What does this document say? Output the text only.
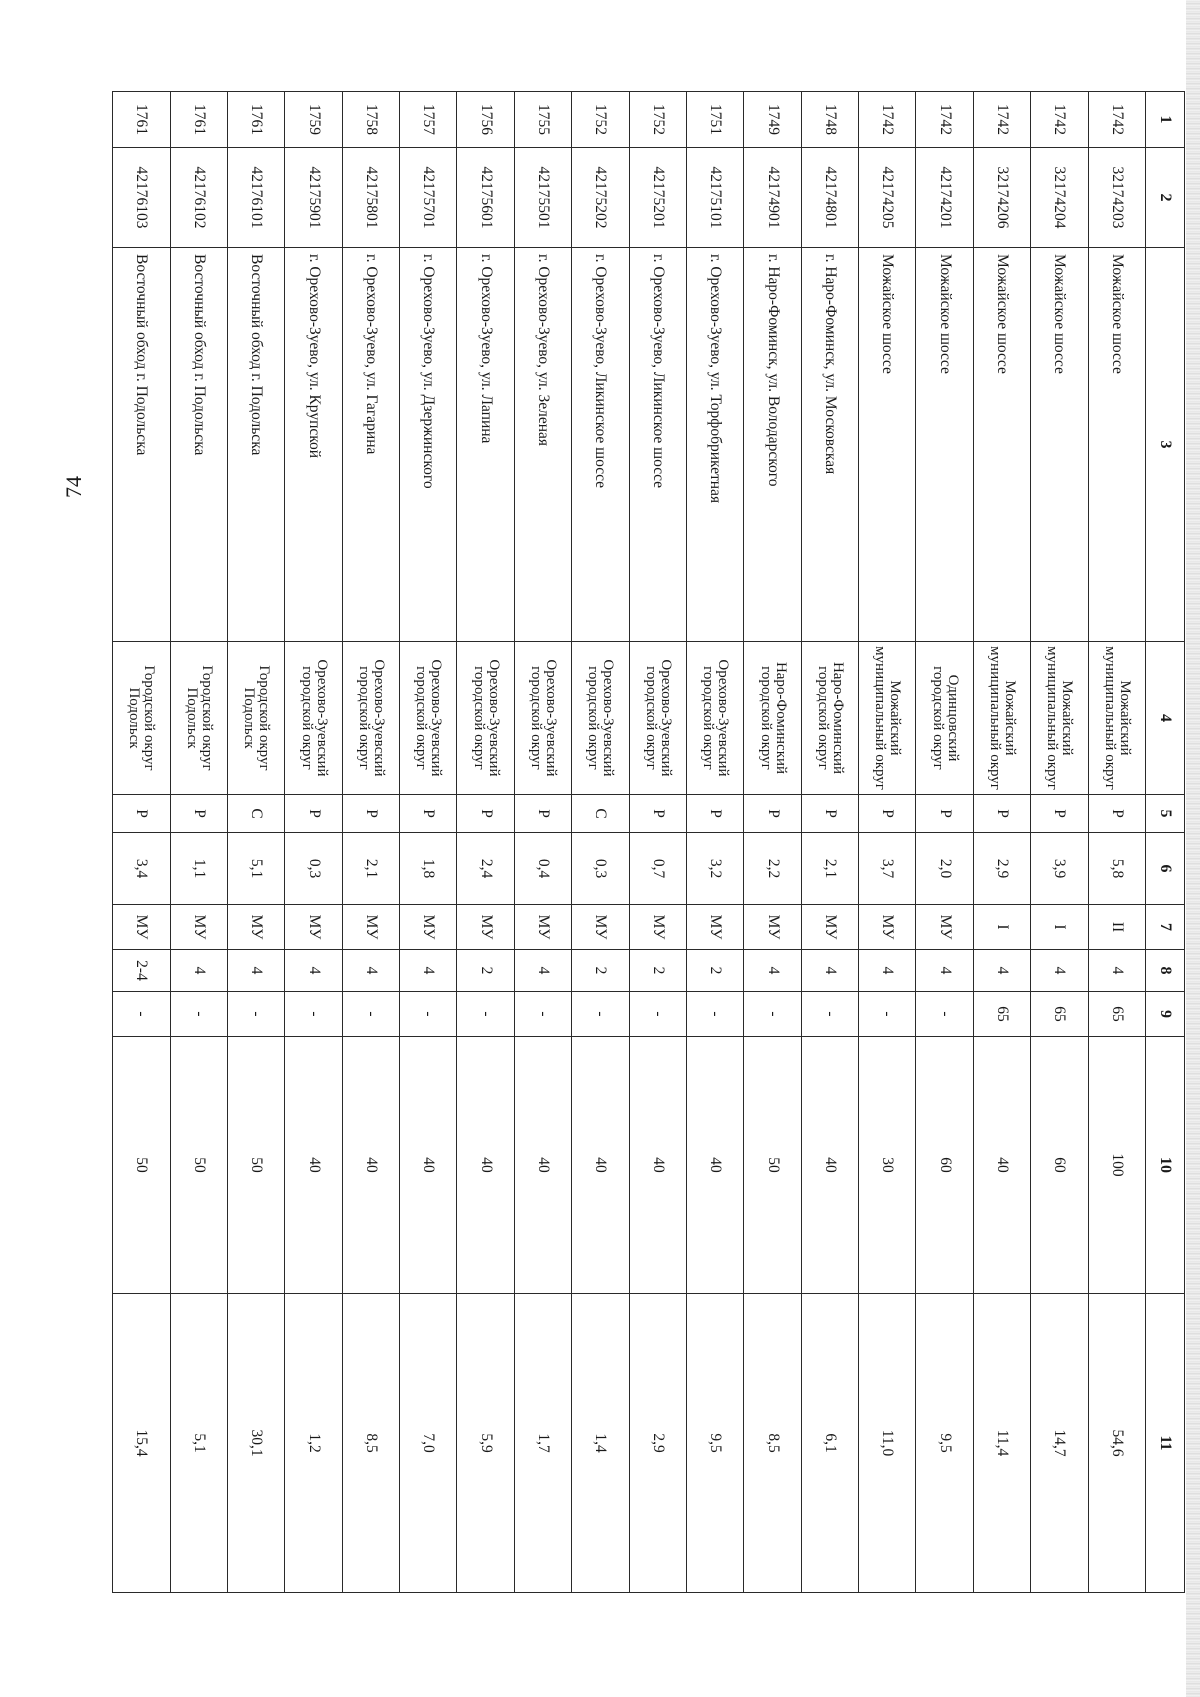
74
1	2	3	4	5	6	7	8	9	10	11
1742	32174203	Можайское шоссе	Можайский муниципальный округ	Р	5,8	II	4	65	100	54,6
1742	32174204	Можайское шоссе	Можайский муниципальный округ	Р	3,9	I	4	65	60	14,7
1742	32174206	Можайское шоссе	Можайский муниципальный округ	Р	2,9	I	4	65	40	11,4
1742	42174201	Можайское шоссе	Одинцовский городской округ	Р	2,0	МУ	4	-	60	9,5
1742	42174205	Можайское шоссе	Можайский муниципальный округ	Р	3,7	МУ	4	-	30	11,0
1748	42174801	г. Наро-Фоминск, ул. Московская	Наро-Фоминский городской округ	Р	2,1	МУ	4	-	40	6,1
1749	42174901	г. Наро-Фоминск, ул. Володарского	Наро-Фоминский городской округ	Р	2,2	МУ	4	-	50	8,5
1751	42175101	г. Орехово-Зуево, ул. Торфобрикетная	Орехово-Зуевский городской округ	Р	3,2	МУ	2	-	40	9,5
1752	42175201	г. Орехово-Зуево, Ликинское шоссе	Орехово-Зуевский городской округ	Р	0,7	МУ	2	-	40	2,9
1752	42175202	г. Орехово-Зуево, Ликинское шоссе	Орехово-Зуевский городской округ	С	0,3	МУ	2	-	40	1,4
1755	42175501	г. Орехово-Зуево, ул. Зеленая	Орехово-Зуевский городской округ	Р	0,4	МУ	4	-	40	1,7
1756	42175601	г. Орехово-Зуево, ул. Лапина	Орехово-Зуевский городской округ	Р	2,4	МУ	2	-	40	5,9
1757	42175701	г. Орехово-Зуево, ул. Дзержинского	Орехово-Зуевский городской округ	Р	1,8	МУ	4	-	40	7,0
1758	42175801	г. Орехово-Зуево, ул. Гагарина	Орехово-Зуевский городской округ	Р	2,1	МУ	4	-	40	8,5
1759	42175901	г. Орехово-Зуево, ул. Крупской	Орехово-Зуевский городской округ	Р	0,3	МУ	4	-	40	1,2
1761	42176101	Восточный обход г. Подольска	Городской округ Подольск	С	5,1	МУ	4	-	50	30,1
1761	42176102	Восточный обход г. Подольска	Городской округ Подольск	Р	1,1	МУ	4	-	50	5,1
1761	42176103	Восточный обход г. Подольска	Городской округ Подольск	Р	3,4	МУ	2-4	-	50	15,4
